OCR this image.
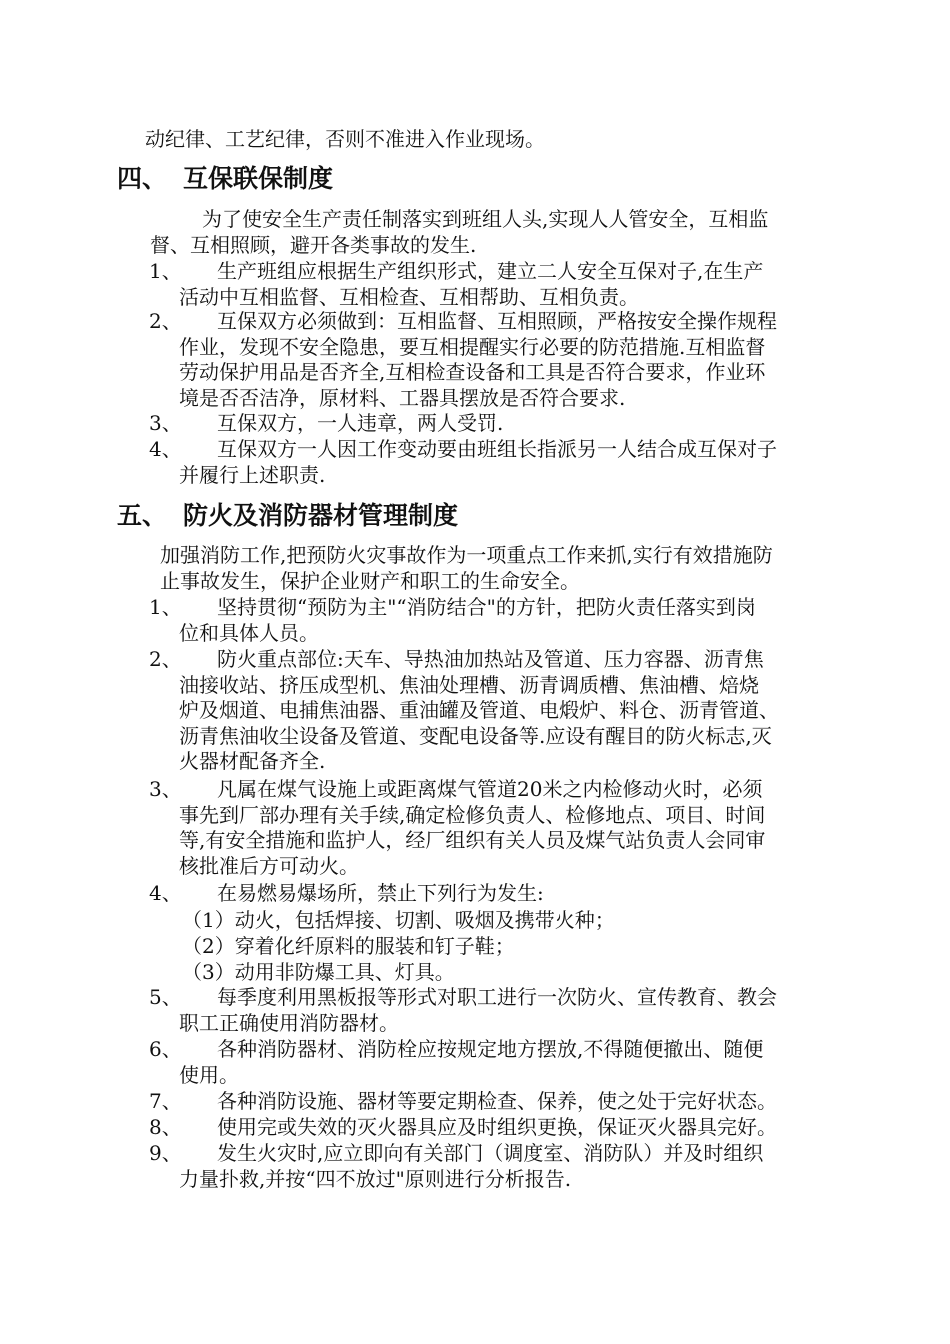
动纪律、工艺纪律，否则不准进入作业现场。
四、 互保联保制度
为了使安全生产责任制落实到班组人头,实现人人管安全，互相监
督、互相照顾，避开各类事故的发生.
1、	生产班组应根据生产组织形式，建立二人安全互保对子,在生产
活动中互相监督、互相检查、互相帮助、互相负责。
2、	互保双方必须做到：互相监督、互相照顾，严格按安全操作规程
作业，发现不安全隐患，要互相提醒实行必要的防范措施.互相监督
劳动保护用品是否齐全,互相检查设备和工具是否符合要求，作业环
境是否否洁净，原材料、工器具摆放是否符合要求.
3、	互保双方，一人违章，两人受罚.
4、	互保双方一人因工作变动要由班组长指派另一人结合成互保对子
并履行上述职责.
五、 防火及消防器材管理制度
加强消防工作,把预防火灾事故作为一项重点工作来抓,实行有效措施防
止事故发生，保护企业财产和职工的生命安全。
1、	坚持贯彻“预防为主"“消防结合"的方针，把防火责任落实到岗
位和具体人员。
2、	防火重点部位:天车、导热油加热站及管道、压力容器、沥青焦
油接收站、挤压成型机、焦油处理槽、沥青调质槽、焦油槽、焙烧
炉及烟道、电捕焦油器、重油罐及管道、电煅炉、料仓、沥青管道、
沥青焦油收尘设备及管道、变配电设备等.应设有醒目的防火标志,灭
火器材配备齐全.
3、	凡属在煤气设施上或距离煤气管道20米之内检修动火时，必须
事先到厂部办理有关手续,确定检修负责人、检修地点、项目、时间
等,有安全措施和监护人，经厂组织有关人员及煤气站负责人会同审
核批准后方可动火。
4、	在易燃易爆场所，禁止下列行为发生:
（1）动火，包括焊接、切割、吸烟及携带火种；
（2）穿着化纤原料的服装和钉子鞋；
（3）动用非防爆工具、灯具。
5、	每季度利用黑板报等形式对职工进行一次防火、宣传教育、教会
职工正确使用消防器材。
6、	各种消防器材、消防栓应按规定地方摆放,不得随便撤出、随便
使用。
7、	各种消防设施、器材等要定期检查、保养，使之处于完好状态。
8、	使用完或失效的灭火器具应及时组织更换，保证灭火器具完好。
9、	发生火灾时,应立即向有关部门（调度室、消防队）并及时组织
力量扑救,并按“四不放过"原则进行分析报告.
